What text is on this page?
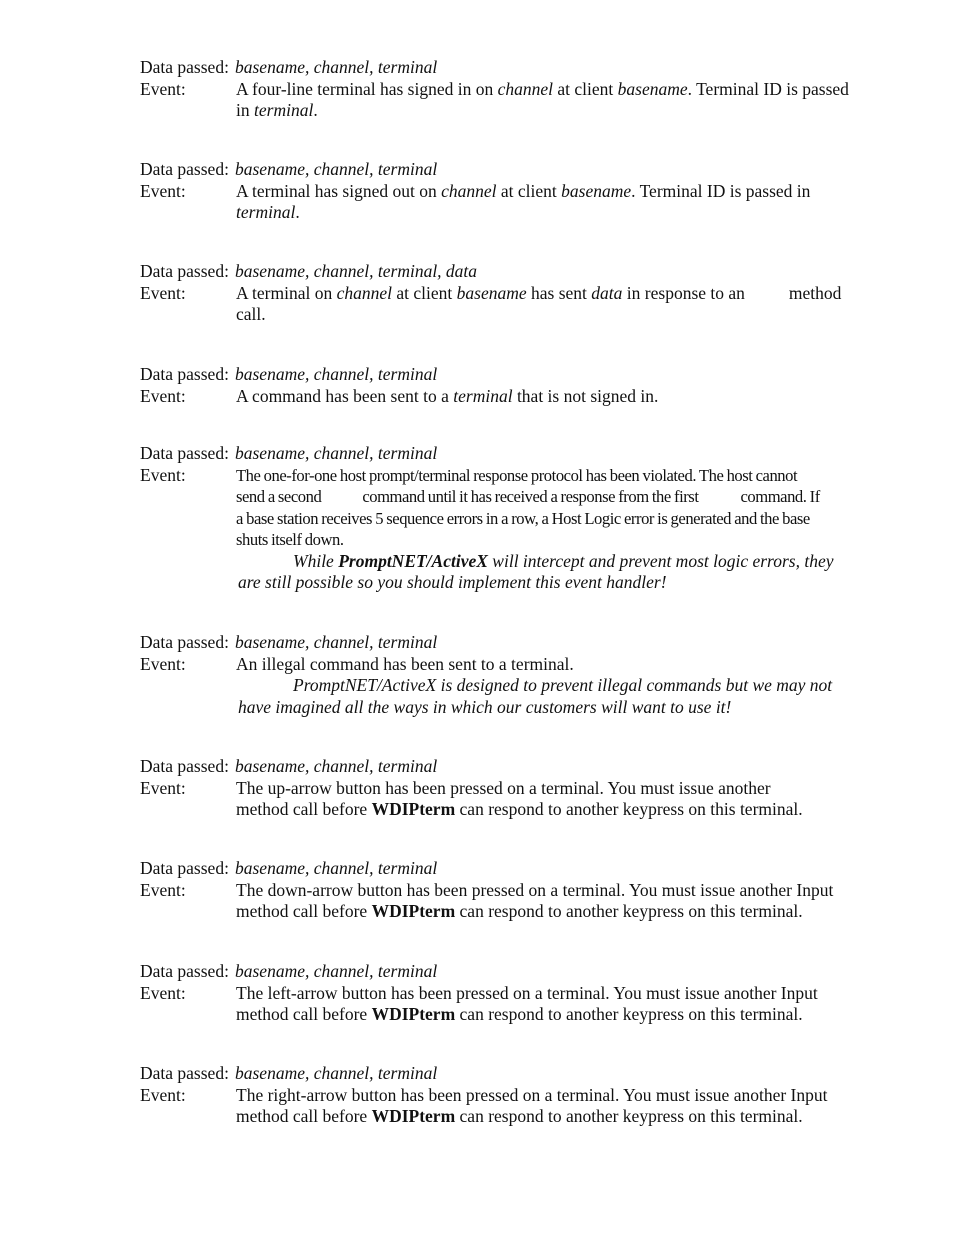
Data passed: basename, channel, terminal

Event:	A four-line terminal has signed in on channel at client basename. Terminal ID is passed
in terminal.
Data passed: basename, channel, terminal

Event:	A terminal has signed out on channel at client basename. Terminal ID is passed in
terminal.
Data passed: basename, channel, terminal, data

Event:	A terminal on channel at client basename has sent data in response to an	method
call.
Data passed: basename, channel, terminal

Event:	A command has been sent to a terminal that is not signed in.
Data passed: basename, channel, terminal

Event:	The one-for-one host prompt/terminal response protocol has been violated. The host cannot
send a second command until it has received a response from the first	command. If
a base station receives 5 sequence errors in a row, a Host Logic error is generated and the base
shuts itself down.
While PromptNET/ActiveX will intercept and prevent most logic errors, they
are still possible so you should implement this event handler!
Data passed: basename, channel, terminal

Event:	An illegal command has been sent to a terminal.
PromptNET/ActiveX is designed to prevent illegal commands but we may not
have imagined all the ways in which our customers will want to use it!
Data passed: basename, channel, terminal

Event:	The up-arrow button has been pressed on a terminal. You must issue another
method call before WDIPterm can respond to another keypress on this terminal.
Data passed: basename, channel, terminal

Event:	The down-arrow button has been pressed on a terminal. You must issue another Input
method call before WDIPterm can respond to another keypress on this terminal.
Data passed: basename, channel, terminal

Event:	The left-arrow button has been pressed on a terminal. You must issue another Input
method call before WDIPterm can respond to another keypress on this terminal.
Data passed: basename, channel, terminal

Event:	The right-arrow button has been pressed on a terminal. You must issue another Input
method call before WDIPterm can respond to another keypress on this terminal.
